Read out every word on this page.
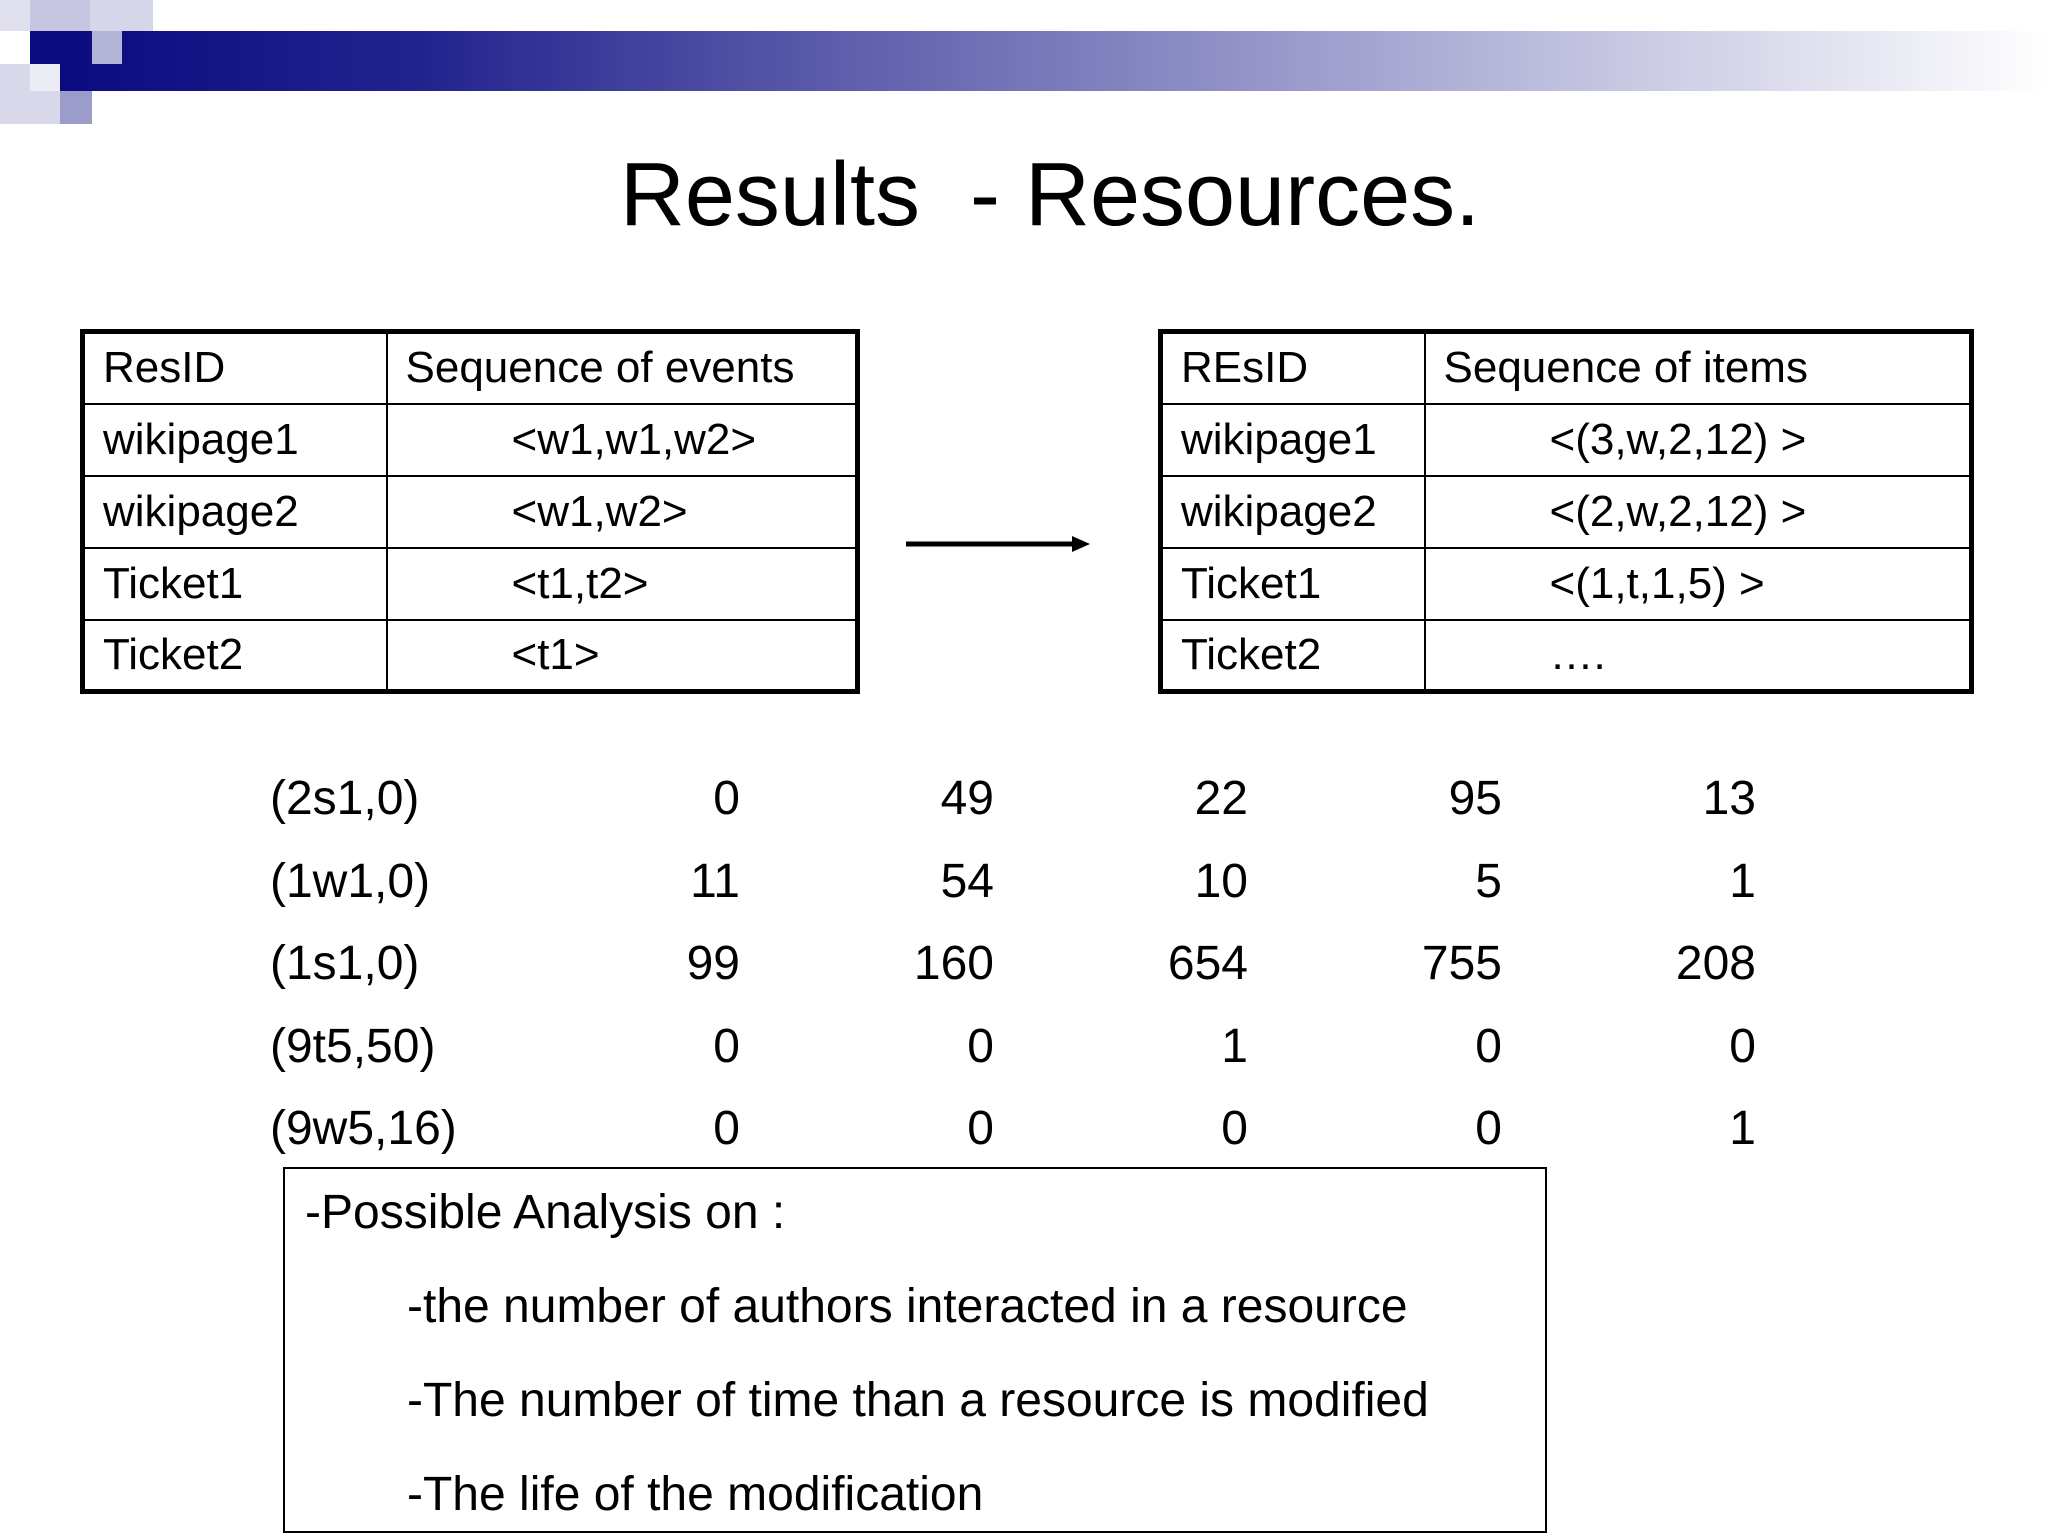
Results  - Resources.
ResID	Sequence of events
wikipage1	<w1,w1,w2>
wikipage2	<w1,w2>
Ticket1	<t1,t2>
Ticket2	<t1>
REsID	Sequence of items
wikipage1	<(3,w,2,12) >
wikipage2	<(2,w,2,12) >
Ticket1	<(1,t,1,5) >
Ticket2	….
(2s1,0)	0	49	22	95	13
(1w1,0)	11	54	10	5	1
(1s1,0)	99	160	654	755	208
(9t5,50)	0	0	1	0	0
(9w5,16)	0	0	0	0	1
-Possible Analysis on :
-the number of authors interacted in a resource
-The number of time than a resource is modified
-The life of the modification
